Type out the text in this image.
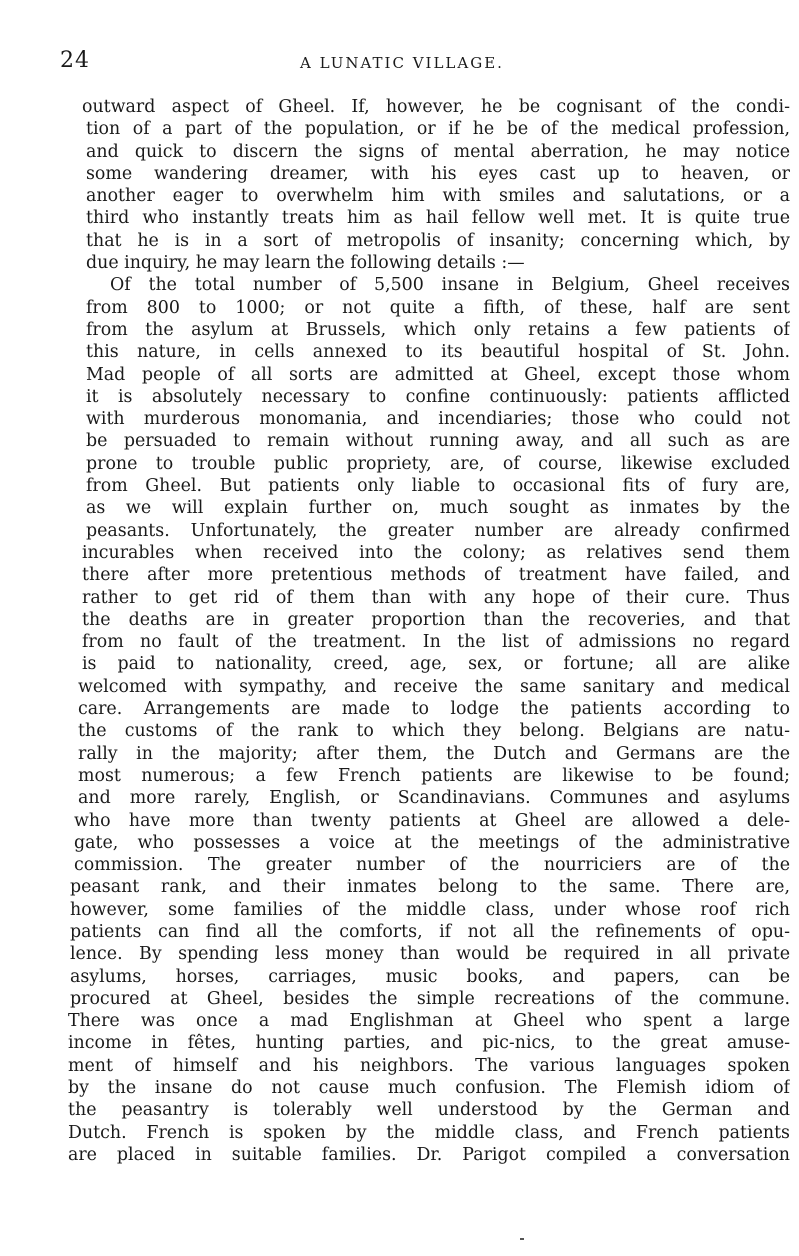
24	A LUNATIC VILLAGE.
outward aspect of Gheel. If, however, he be cognisant of the condi-
tion of a part of the population, or if he be of the medical profession,
and quick to discern the signs of mental aberration, he may notice
some wandering dreamer, with his eyes cast up to heaven, or
another eager to overwhelm him with smiles and salutations, or a
third who instantly treats him as hail fellow well met. It is quite true
that he is in a sort of metropolis of insanity; concerning which, by
due inquiry, he may learn the following details :—
Of the total number of 5,500 insane in Belgium, Gheel receives
from 800 to 1000; or not quite a fifth, of these, half are sent
from the asylum at Brussels, which only retains a few patients of
this nature, in cells annexed to its beautiful hospital of St. John.
Mad people of all sorts are admitted at Gheel, except those whom
it is absolutely necessary to confine continuously: patients afflicted
with murderous monomania, and incendiaries; those who could not
be persuaded to remain without running away, and all such as are
prone to trouble public propriety, are, of course, likewise excluded
from Gheel. But patients only liable to occasional fits of fury are,
as we will explain further on, much sought as inmates by the
peasants. Unfortunately, the greater number are already confirmed
incurables when received into the colony; as relatives send them
there after more pretentious methods of treatment have failed, and
rather to get rid of them than with any hope of their cure. Thus
the deaths are in greater proportion than the recoveries, and that
from no fault of the treatment. In the list of admissions no regard
is paid to nationality, creed, age, sex, or fortune; all are alike
welcomed with sympathy, and receive the same sanitary and medical
care. Arrangements are made to lodge the patients according to
the customs of the rank to which they belong. Belgians are natu-
rally in the majority; after them, the Dutch and Germans are the
most numerous; a few French patients are likewise to be found;
and more rarely, English, or Scandinavians. Communes and asylums
who have more than twenty patients at Gheel are allowed a dele-
gate, who possesses a voice at the meetings of the administrative
commission. The greater number of the nourriciers are of the
peasant rank, and their inmates belong to the same. There are,
however, some families of the middle class, under whose roof rich
patients can find all the comforts, if not all the refinements of opu-
lence. By spending less money than would be required in all private
asylums, horses, carriages, music books, and papers, can be
procured at Gheel, besides the simple recreations of the commune.
There was once a mad Englishman at Gheel who spent a large
income in fêtes, hunting parties, and pic-nics, to the great amuse-
ment of himself and his neighbors. The various languages spoken
by the insane do not cause much confusion. The Flemish idiom of
the peasantry is tolerably well understood by the German and
Dutch. French is spoken by the middle class, and French patients
are placed in suitable families. Dr. Parigot compiled a conversation
